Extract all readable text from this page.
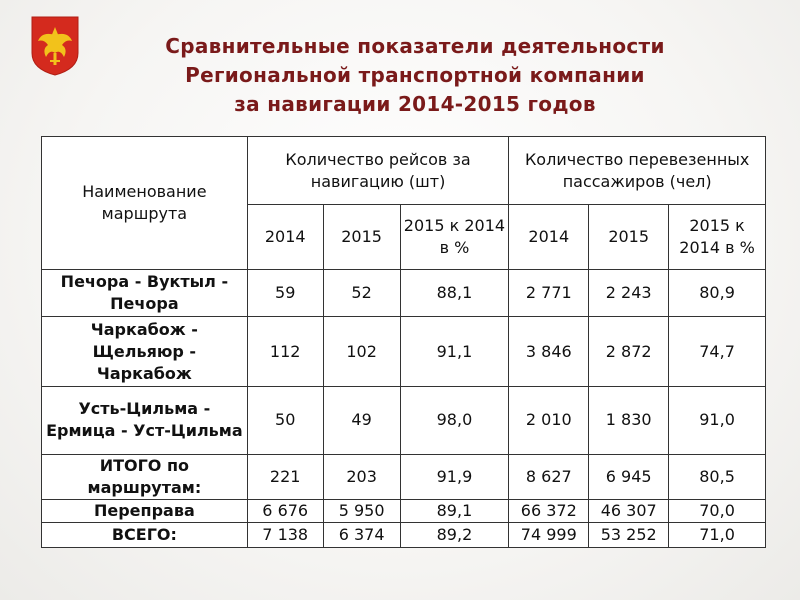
Сравнительные показатели деятельности
Региональной транспортной компании
за навигации 2014-2015 годов
Наименование маршрута	Количество рейсов за навигацию (шт)			Количество перевезенных пассажиров (чел)		
	2014	2015	2015 к 2014 в %	2014	2015	2015 к 2014 в %
Печора - Вуктыл - Печора	59	52	88,1	2 771	2 243	80,9
Чаркабож - Щельяюр - Чаркабож	112	102	91,1	3 846	2 872	74,7
Усть-Цильма - Ермица - Уст-Цильма	50	49	98,0	2 010	1 830	91,0
ИТОГО по маршрутам:	221	203	91,9	8 627	6 945	80,5
Переправа	6 676	5 950	89,1	66 372	46 307	70,0
ВСЕГО:	7 138	6 374	89,2	74 999	53 252	71,0
